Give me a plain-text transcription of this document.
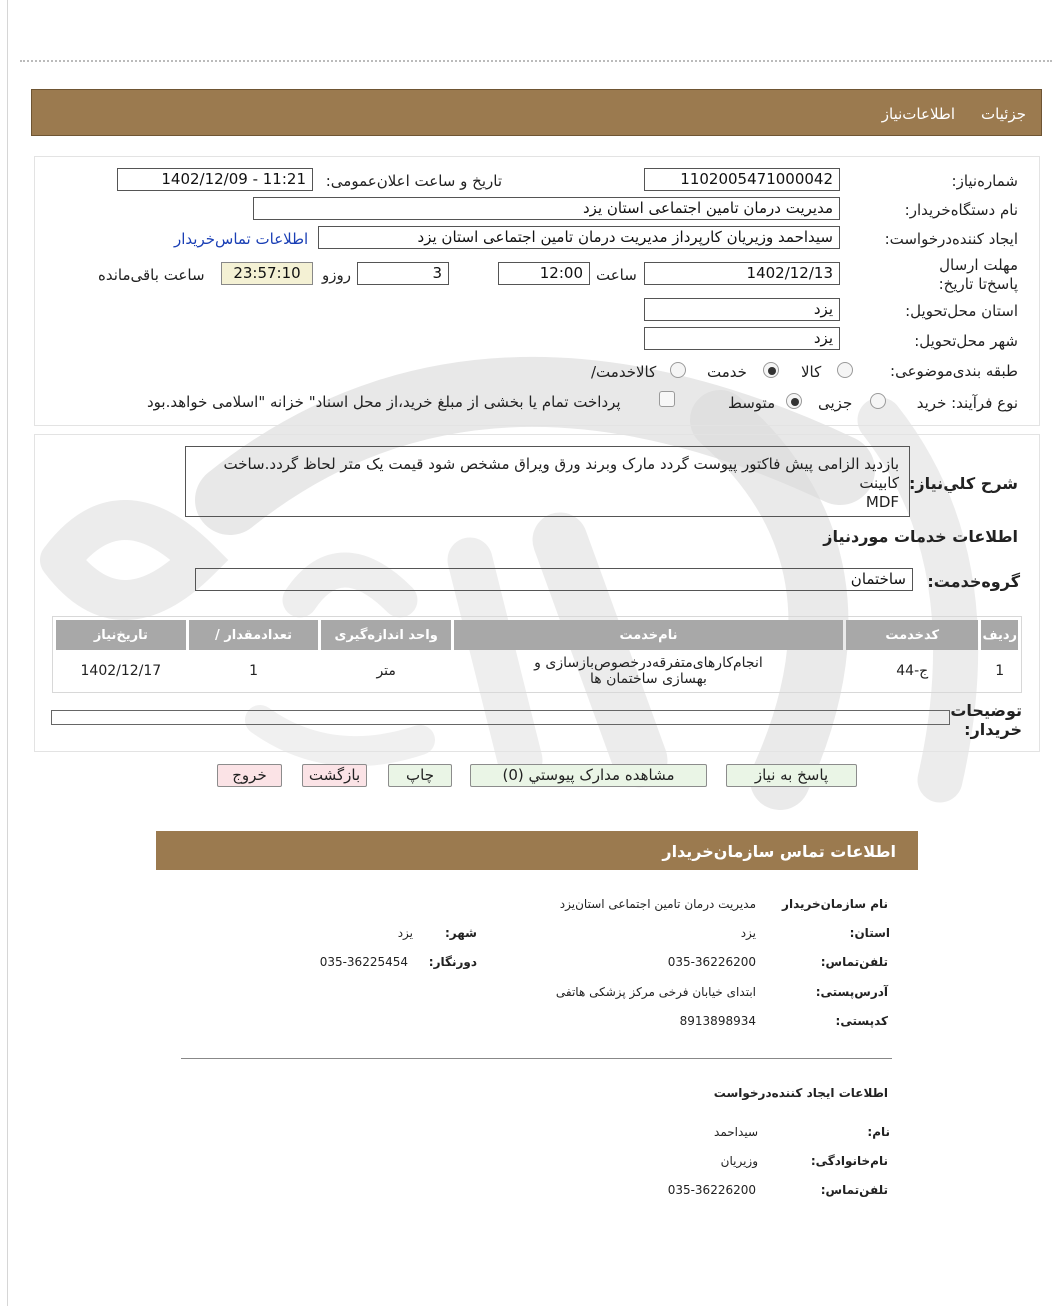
جزئیات
اطلاعات‌نیاز
شماره‌نیاز:
1102005471000042
تاریخ و ساعت اعلان‌عمومی:
1402/12/09 - 11:21
نام دستگاه‌خریدار:
مدیریت درمان تامین اجتماعی استان یزد
ایجاد کننده‌درخواست:
سیداحمد وزیریان کارپرداز مدیریت درمان تامین اجتماعی استان یزد
اطلاعات تماس‌خریدار
مهلت ارسال پاسخ‌تا تاریخ:
1402/12/13
ساعت
12:00
3
روزو
23:57:10
ساعت باقی‌مانده
استان محل‌تحویل:
یزد
شهر محل‌تحویل:
یزد
طبقه بندی‌موضوعی:
کالا
خدمت
کالاخدمت/
نوع فرآیند: خرید
جزیی
متوسط
پرداخت تمام یا بخشی از مبلغ خرید،از محل اسناد" خزانه "اسلامی خواهد.بود
شرح کلي‌نیاز:
بازدید الزامی پیش فاکتور پیوست گردد مارک وبرند ورق ویراق مشخص شود قیمت یک متر لحاظ گردد.ساخت
کابینت
MDF
اطلاعات خدمات موردنیاز
گروه‌خدمت:
ساختمان
ردیف	کدخدمت	نام‌خدمت	واحد اندازه‌گیری	تعدادمقدار /	تاریخ‌نیاز
1	ج-44	انجام‌کارهای‌متفرقه‌درخصوص‌بازسازی و
بهسازی ساختمان ها	متر	1	1402/12/17
توضیحات
خریدار:
پاسخ به نیاز
مشاهده مدارک پیوستي (0)
چاپ
بازگشت
خروج
اطلاعات تماس سازمان‌خریدار
نام سازمان‌خریدار
مدیریت درمان تامین اجتماعی استان‌یزد
استان:
یزد
شهر:
یزد
تلفن‌تماس:
035-36226200
دورنگار:
035-36225454
آدرس‌پستی:
ابتدای خیابان فرخی مرکز پزشکی هاتفی
کدپستی:
8913898934
اطلاعات ایجاد کننده‌درخواست
نام:
سیداحمد
نام‌خانوادگی:
وزیریان
تلفن‌تماس:
035-36226200
